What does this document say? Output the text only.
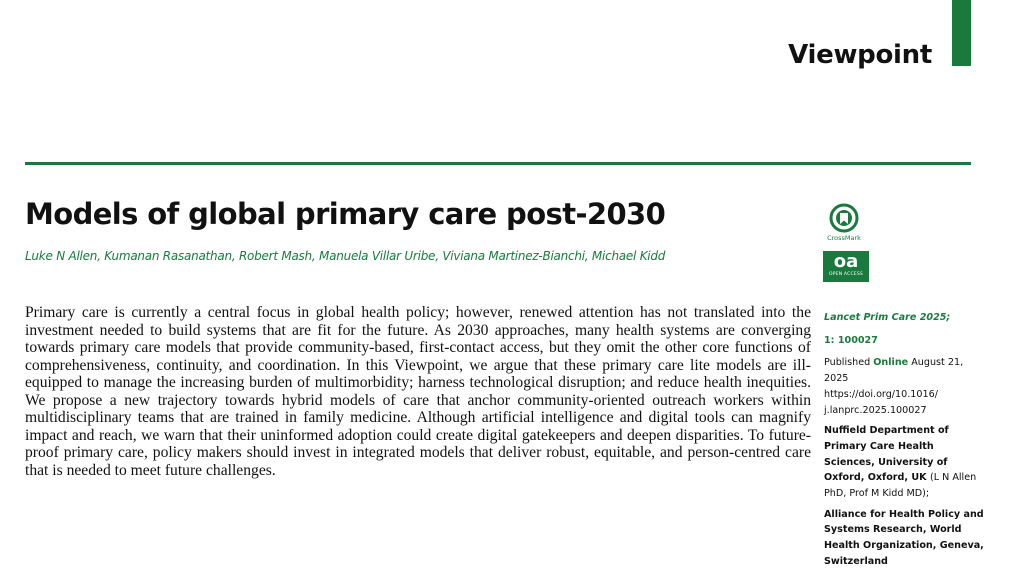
Viewpoint
Models of global primary care post-2030

Luke N Allen, Kumanan Rasanathan, Robert Mash, Manuela Villar Uribe, Viviana Martinez-Bianchi, Michael Kidd

Primary care is currently a central focus in global health policy; however, renewed attention has not translated into the investment needed to build systems that are fit for the future. As 2030 approaches, many health systems are converging towards primary care models that provide community-based, first-contact access, but they omit the other core functions of comprehensiveness, continuity, and coordination. In this Viewpoint, we argue that these primary care lite models are ill-equipped to manage the increasing burden of multimorbidity; harness technological disruption; and reduce health inequities. We propose a new trajectory towards hybrid models of care that anchor community-oriented outreach workers within multidisciplinary teams that are trained in family medicine. Although artificial intelligence and digital tools can magnify impact and reach, we warn that their uninformed adoption could create digital gatekeepers and deepen disparities. To future-proof primary care, policy makers should invest in integrated models that deliver robust, equitable, and person-centred care that is needed to meet future challenges.

CrossMark
oa
OPEN ACCESS

Lancet Prim Care 2025;

1: 100027

Published Online August 21, 2025

https://doi.org/10.1016/ j.lanprc.2025.100027

Nuffield Department of Primary Care Health Sciences, University of Oxford, Oxford, UK (L N Allen PhD, Prof M Kidd MD);

Alliance for Health Policy and Systems Research, World Health Organization, Geneva, Switzerland
